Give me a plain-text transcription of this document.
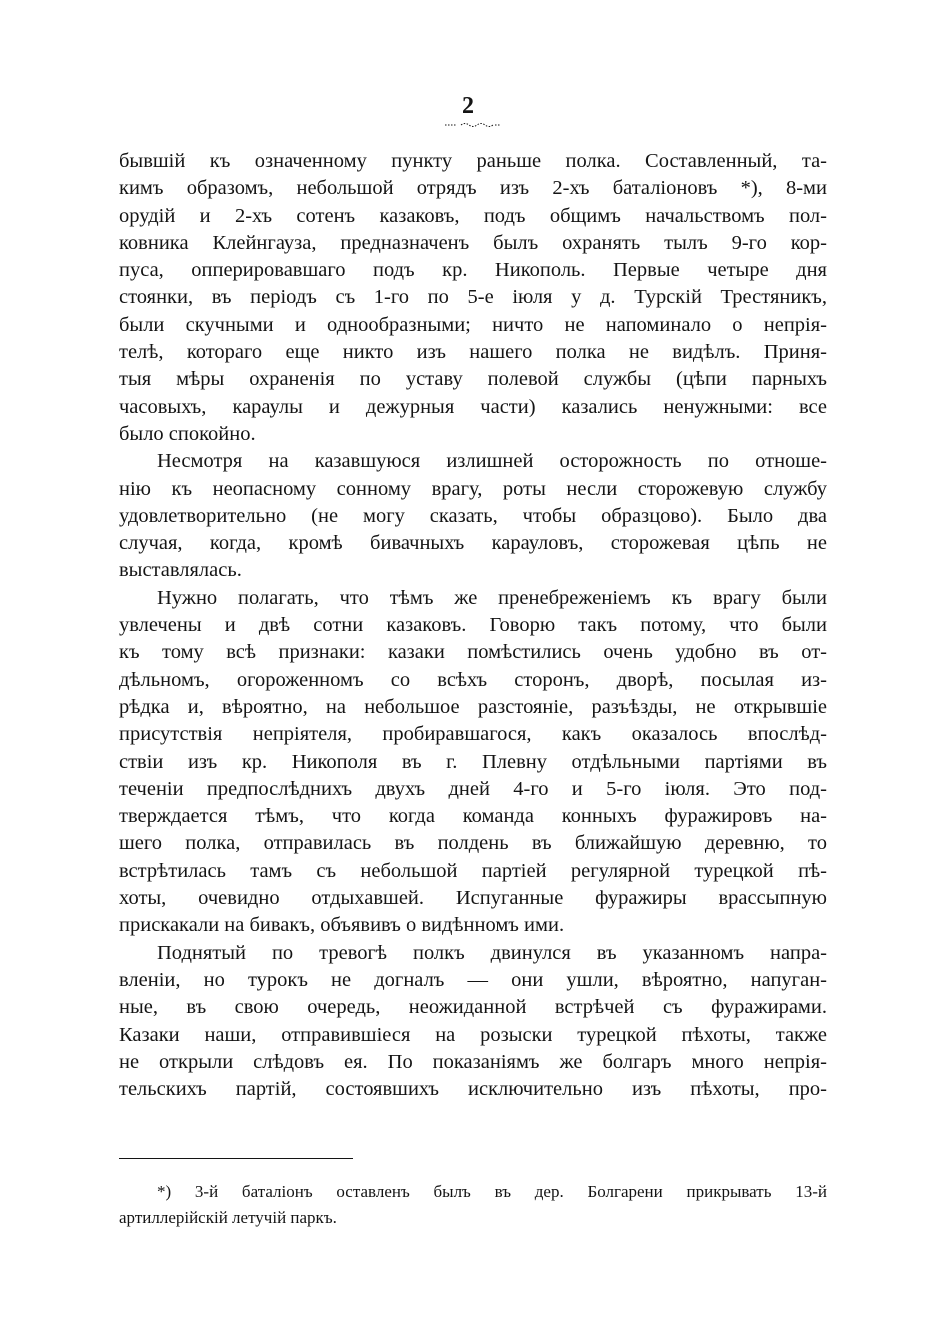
2
бывшій къ означенному пункту раньше полка. Составленный, та-
кимъ образомъ, небольшой отрядъ изъ 2-хъ баталіоновъ *), 8-ми
орудій и 2-хъ сотенъ казаковъ, подъ общимъ начальствомъ пол-
ковника Клейнгауза, предназначенъ былъ охранять тылъ 9-го кор-
пуса, опперировавшаго подъ кр. Никополь. Первые четыре дня
стоянки, въ періодъ съ 1-го по 5-е іюля у д. Турскій Трестяникъ,
были скучными и однообразными; ничто не напоминало о непрія-
телѣ, котораго еще никто изъ нашего полка не видѣлъ. Приня-
тыя мѣры охраненія по уставу полевой службы (цѣпи парныхъ
часовыхъ, караулы и дежурныя части) казались ненужными: все
было спокойно.
Несмотря на казавшуюся излишней осторожность по отноше-
нію къ неопасному сонному врагу, роты несли сторожевую службу
удовлетворительно (не могу сказать, чтобы образцово). Было два
случая, когда, кромѣ бивачныхъ карауловъ, сторожевая цѣпь не
выставлялась.
Нужно полагать, что тѣмъ же пренебреженіемъ къ врагу были
увлечены и двѣ сотни казаковъ. Говорю такъ потому, что были
къ тому всѣ признаки: казаки помѣстились очень удобно въ от-
дѣльномъ, огороженномъ со всѣхъ сторонъ, дворѣ, посылая из-
рѣдка и, вѣроятно, на небольшое разстояніе, разъѣзды, не открывшіе
присутствія непріятеля, пробиравшагося, какъ оказалось впослѣд-
ствіи изъ кр. Никополя въ г. Плевну отдѣльными партіями въ
теченіи предпослѣднихъ двухъ дней 4-го и 5-го іюля. Это под-
тверждается тѣмъ, что когда команда конныхъ фуражировъ на-
шего полка, отправилась въ полдень въ ближайшую деревню, то
встрѣтилась тамъ съ небольшой партіей регулярной турецкой пѣ-
хоты, очевидно отдыхавшей. Испуганные фуражиры врассыпную
прискакали на бивакъ, объявивъ о видѣнномъ ими.
Поднятый по тревогѣ полкъ двинулся въ указанномъ напра-
вленіи, но турокъ не догналъ — они ушли, вѣроятно, напуган-
ные, въ свою очередь, неожиданной встрѣчей съ фуражирами.
Казаки наши, отправившіеся на розыски турецкой пѣхоты, также
не открыли слѣдовъ ея. По показаніямъ же болгаръ много непрія-
тельскихъ партій, состоявшихъ исключительно изъ пѣхоты, про-
*) 3-й баталіонъ оставленъ былъ въ дер. Болгарени прикрывать 13-й
артиллерійскій летучій паркъ.
